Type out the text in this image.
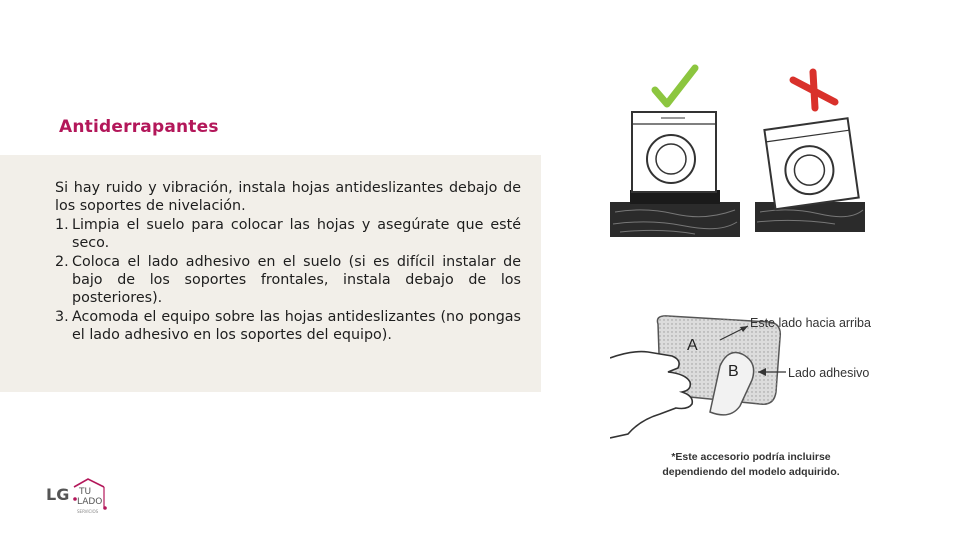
Antiderrapantes

Si hay ruido y vibración, instala hojas antideslizantes debajo de los soportes de nivelación.

1. Limpia el suelo para colocar las hojas y asegúrate que esté seco.
2. Coloca el lado adhesivo en el suelo (si es difícil instalar de bajo de los soportes frontales, instala debajo de los posteriores).
3. Acomoda el equipo sobre las hojas antideslizantes (no pongas el lado adhesivo en los soportes del equipo).
A
B
Este lado hacia arriba
Lado adhesivo
*Este accesorio podría incluirse dependiendo del modelo adquirido.
LG TU
LADO
SERVICIOS
